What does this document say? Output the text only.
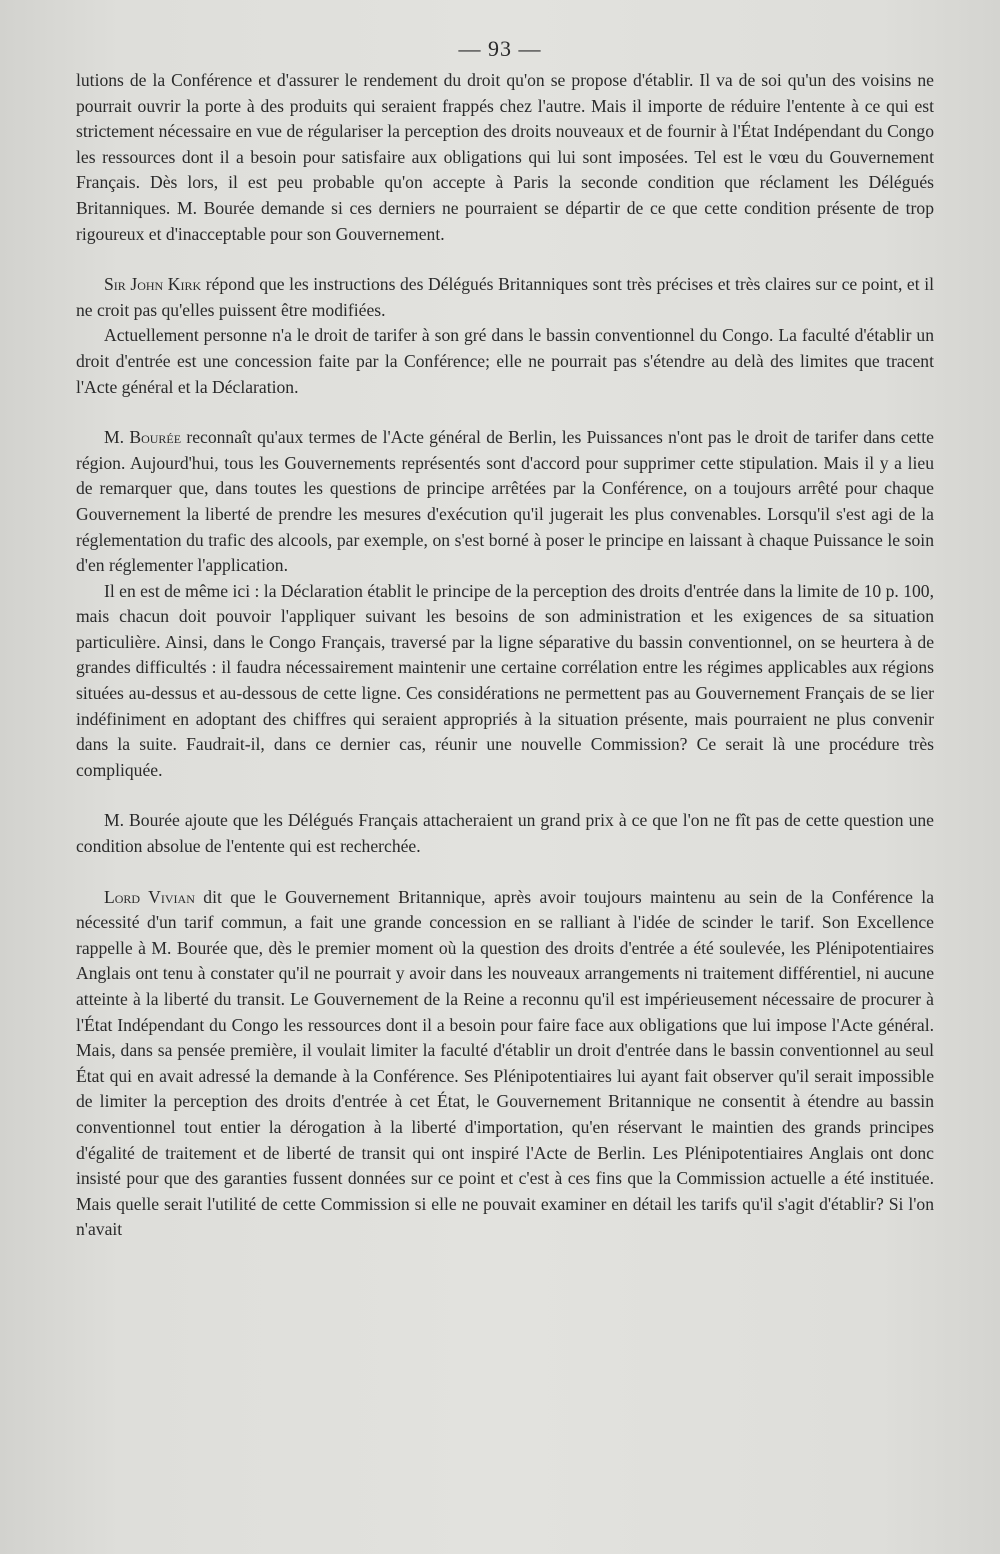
— 93 —

lutions de la Conférence et d'assurer le rendement du droit qu'on se propose d'établir. Il va de soi qu'un des voisins ne pourrait ouvrir la porte à des produits qui seraient frappés chez l'autre. Mais il importe de réduire l'entente à ce qui est strictement nécessaire en vue de régulariser la perception des droits nouveaux et de fournir à l'État Indépendant du Congo les ressources dont il a besoin pour satisfaire aux obligations qui lui sont imposées. Tel est le vœu du Gouvernement Français. Dès lors, il est peu probable qu'on accepte à Paris la seconde condition que réclament les Délégués Britanniques. M. Bourée demande si ces derniers ne pourraient se départir de ce que cette condition présente de trop rigoureux et d'inacceptable pour son Gouvernement.

Sir John Kirk répond que les instructions des Délégués Britanniques sont très précises et très claires sur ce point, et il ne croit pas qu'elles puissent être modifiées.

Actuellement personne n'a le droit de tarifer à son gré dans le bassin conventionnel du Congo. La faculté d'établir un droit d'entrée est une concession faite par la Conférence; elle ne pourrait pas s'étendre au delà des limites que tracent l'Acte général et la Déclaration.

M. Bourée reconnaît qu'aux termes de l'Acte général de Berlin, les Puissances n'ont pas le droit de tarifer dans cette région. Aujourd'hui, tous les Gouvernements représentés sont d'accord pour supprimer cette stipulation. Mais il y a lieu de remarquer que, dans toutes les questions de principe arrêtées par la Conférence, on a toujours arrêté pour chaque Gouvernement la liberté de prendre les mesures d'exécution qu'il jugerait les plus convenables. Lorsqu'il s'est agi de la réglementation du trafic des alcools, par exemple, on s'est borné à poser le principe en laissant à chaque Puissance le soin d'en réglementer l'application.

Il en est de même ici : la Déclaration établit le principe de la perception des droits d'entrée dans la limite de 10 p. 100, mais chacun doit pouvoir l'appliquer suivant les besoins de son administration et les exigences de sa situation particulière. Ainsi, dans le Congo Français, traversé par la ligne séparative du bassin conventionnel, on se heurtera à de grandes difficultés : il faudra nécessairement maintenir une certaine corrélation entre les régimes applicables aux régions situées au-dessus et au-dessous de cette ligne. Ces considérations ne permettent pas au Gouvernement Français de se lier indéfiniment en adoptant des chiffres qui seraient appropriés à la situation présente, mais pourraient ne plus convenir dans la suite. Faudrait-il, dans ce dernier cas, réunir une nouvelle Commission? Ce serait là une procédure très compliquée.

M. Bourée ajoute que les Délégués Français attacheraient un grand prix à ce que l'on ne fît pas de cette question une condition absolue de l'entente qui est recherchée.

Lord Vivian dit que le Gouvernement Britannique, après avoir toujours maintenu au sein de la Conférence la nécessité d'un tarif commun, a fait une grande concession en se ralliant à l'idée de scinder le tarif. Son Excellence rappelle à M. Bourée que, dès le premier moment où la question des droits d'entrée a été soulevée, les Plénipotentiaires Anglais ont tenu à constater qu'il ne pourrait y avoir dans les nouveaux arrangements ni traitement différentiel, ni aucune atteinte à la liberté du transit. Le Gouvernement de la Reine a reconnu qu'il est impérieusement nécessaire de procurer à l'État Indépendant du Congo les ressources dont il a besoin pour faire face aux obligations que lui impose l'Acte général. Mais, dans sa pensée première, il voulait limiter la faculté d'établir un droit d'entrée dans le bassin conventionnel au seul État qui en avait adressé la demande à la Conférence. Ses Plénipotentiaires lui ayant fait observer qu'il serait impossible de limiter la perception des droits d'entrée à cet État, le Gouvernement Britannique ne consentit à étendre au bassin conventionnel tout entier la dérogation à la liberté d'importation, qu'en réservant le maintien des grands principes d'égalité de traitement et de liberté de transit qui ont inspiré l'Acte de Berlin. Les Plénipotentiaires Anglais ont donc insisté pour que des garanties fussent données sur ce point et c'est à ces fins que la Commission actuelle a été instituée. Mais quelle serait l'utilité de cette Commission si elle ne pouvait examiner en détail les tarifs qu'il s'agit d'établir? Si l'on n'avait
